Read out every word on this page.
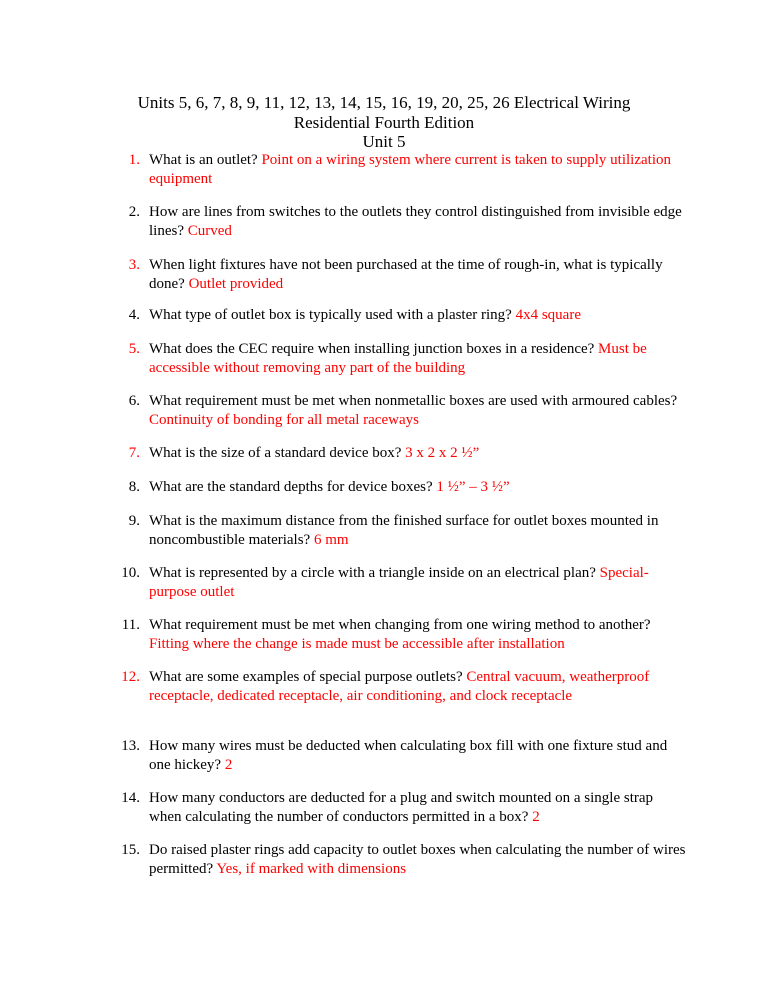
Units 5, 6, 7, 8, 9, 11, 12, 13, 14, 15, 16, 19, 20, 25, 26 Electrical Wiring
Residential Fourth Edition
Unit 5
1. What is an outlet? Point on a wiring system where current is taken to supply utilization equipment
2. How are lines from switches to the outlets they control distinguished from invisible edge lines? Curved
3. When light fixtures have not been purchased at the time of rough-in, what is typically done? Outlet provided
4. What type of outlet box is typically used with a plaster ring? 4x4 square
5. What does the CEC require when installing junction boxes in a residence? Must be accessible without removing any part of the building
6. What requirement must be met when nonmetallic boxes are used with armoured cables? Continuity of bonding for all metal raceways
7. What is the size of a standard device box? 3 x 2 x 2 ½”
8. What are the standard depths for device boxes? 1 ½” – 3 ½”
9. What is the maximum distance from the finished surface for outlet boxes mounted in noncombustible materials? 6 mm
10. What is represented by a circle with a triangle inside on an electrical plan? Special-purpose outlet
11. What requirement must be met when changing from one wiring method to another? Fitting where the change is made must be accessible after installation
12. What are some examples of special purpose outlets? Central vacuum, weatherproof receptacle, dedicated receptacle, air conditioning, and clock receptacle
13. How many wires must be deducted when calculating box fill with one fixture stud and one hickey? 2
14. How many conductors are deducted for a plug and switch mounted on a single strap when calculating the number of conductors permitted in a box? 2
15. Do raised plaster rings add capacity to outlet boxes when calculating the number of wires permitted? Yes, if marked with dimensions
